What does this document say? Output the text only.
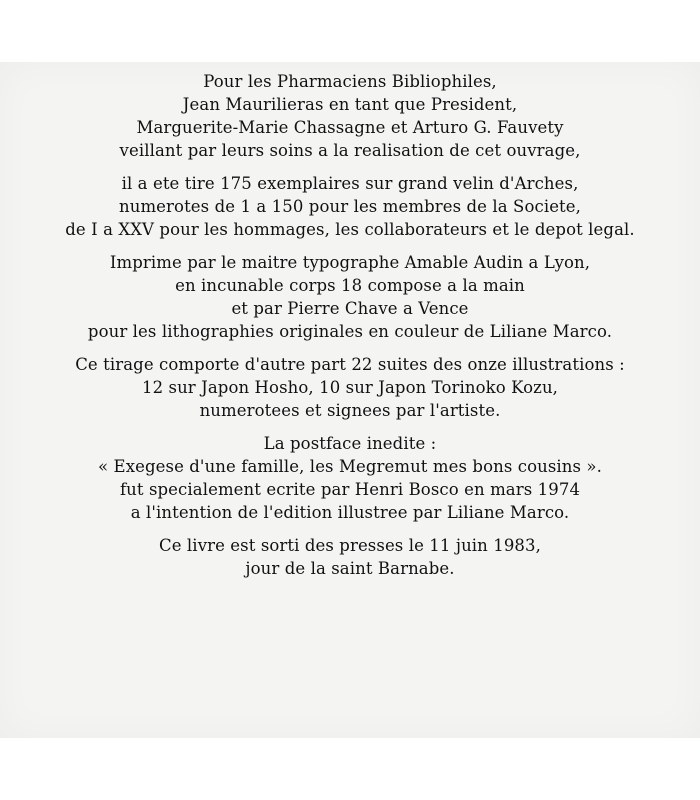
Pour les Pharmaciens Bibliophiles,
Jean Maurilieras en tant que President,
Marguerite-Marie Chassagne et Arturo G. Fauvety
veillant par leurs soins a la realisation de cet ouvrage,
il a ete tire 175 exemplaires sur grand velin d'Arches,
numerotes de 1 a 150 pour les membres de la Societe,
de I a XXV pour les hommages, les collaborateurs et le depot legal.
Imprime par le maitre typographe Amable Audin a Lyon,
en incunable corps 18 compose a la main
et par Pierre Chave a Vence
pour les lithographies originales en couleur de Liliane Marco.
Ce tirage comporte d'autre part 22 suites des onze illustrations :
12 sur Japon Hosho, 10 sur Japon Torinoko Kozu,
numerotees et signees par l'artiste.
La postface inedite :
« Exegese d'une famille, les Megremut mes bons cousins ».
fut specialement ecrite par Henri Bosco en mars 1974
a l'intention de l'edition illustree par Liliane Marco.
Ce livre est sorti des presses le 11 juin 1983,
jour de la saint Barnabe.
